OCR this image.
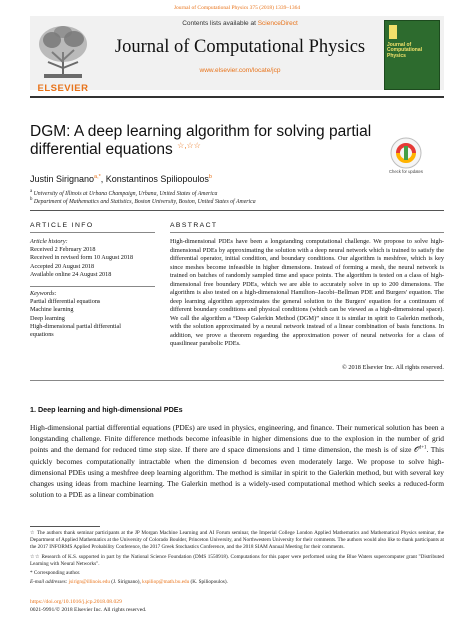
Journal of Computational Physics 375 (2018) 1339–1364
ELSEVIER
Contents lists available at ScienceDirect
Journal of Computational Physics
www.elsevier.com/locate/jcp
Journal of Computational Physics
DGM: A deep learning algorithm for solving partial differential equations ☆,☆☆
Check for updates
Justin Sirignano$^{a,*}$, Konstantinos Spiliopoulos$^b$
$^a$ University of Illinois at Urbana Champaign, Urbana, United States of America
$^b$ Department of Mathematics and Statistics, Boston University, Boston, United States of America
ARTICLE INFO
Article history:
Received 2 February 2018
Received in revised form 10 August 2018
Accepted 20 August 2018
Available online 24 August 2018
Keywords:
Partial differential equations
Machine learning
Deep learning
High-dimensional partial differential
equations
ABSTRACT
High-dimensional PDEs have been a longstanding computational challenge. We propose to solve high-dimensional PDEs by approximating the solution with a deep neural network which is trained to satisfy the differential operator, initial condition, and boundary conditions. Our algorithm is meshfree, which is key since meshes become infeasible in higher dimensions. Instead of forming a mesh, the neural network is trained on batches of randomly sampled time and space points. The algorithm is tested on a class of high-dimensional free boundary PDEs, which we are able to accurately solve in up to 200 dimensions. The algorithm is also tested on a high-dimensional Hamilton–Jacobi–Bellman PDE and Burgers' equation. The deep learning algorithm approximates the general solution to the Burgers' equation for a continuum of different boundary conditions and physical conditions (which can be viewed as a high-dimensional space). We call the algorithm a “Deep Galerkin Method (DGM)” since it is similar in spirit to Galerkin methods, with the solution approximated by a neural network instead of a linear combination of basis functions. In addition, we prove a theorem regarding the approximation power of neural networks for a class of quasilinear parabolic PDEs.
© 2018 Elsevier Inc. All rights reserved.
1. Deep learning and high-dimensional PDEs
High-dimensional partial differential equations (PDEs) are used in physics, engineering, and finance. Their numerical solution has been a longstanding challenge. Finite difference methods become infeasible in higher dimensions due to the explosion in the number of grid points and the demand for reduced time step size. If there are d space dimensions and 1 time dimension, the mesh is of size 𝒪$^{d+1}$. This quickly becomes computationally intractable when the dimension d becomes even moderately large. We propose to solve high-dimensional PDEs using a meshfree deep learning algorithm. The method is similar in spirit to the Galerkin method, but with several key changes using ideas from machine learning. The Galerkin method is a widely-used computational method which seeks a reduced-form solution to a PDE as a linear combination
☆ The authors thank seminar participants at the JP Morgan Machine Learning and AI Forum seminar, the Imperial College London Applied Mathematics and Mathematical Physics seminar, the Department of Applied Mathematics at the University of Colorado Boulder, Princeton University, and Northwestern University for their comments. The authors would also like to thank participants at the 2017 INFORMS Applied Probability Conference, the 2017 Greek Stochastics Conference, and the 2018 SIAM Annual Meeting for their comments.
☆☆ Research of K.S. supported in part by the National Science Foundation (DMS 1550918). Computations for this paper were performed using the Blue Waters supercomputer grant "Distributed Learning with Neural Networks".
* Corresponding author.
E-mail addresses: jsirign@illinois.edu (J. Sirignano), kspiliop@math.bu.edu (K. Spiliopoulos).
https://doi.org/10.1016/j.jcp.2018.08.029
0021-9991/© 2018 Elsevier Inc. All rights reserved.
